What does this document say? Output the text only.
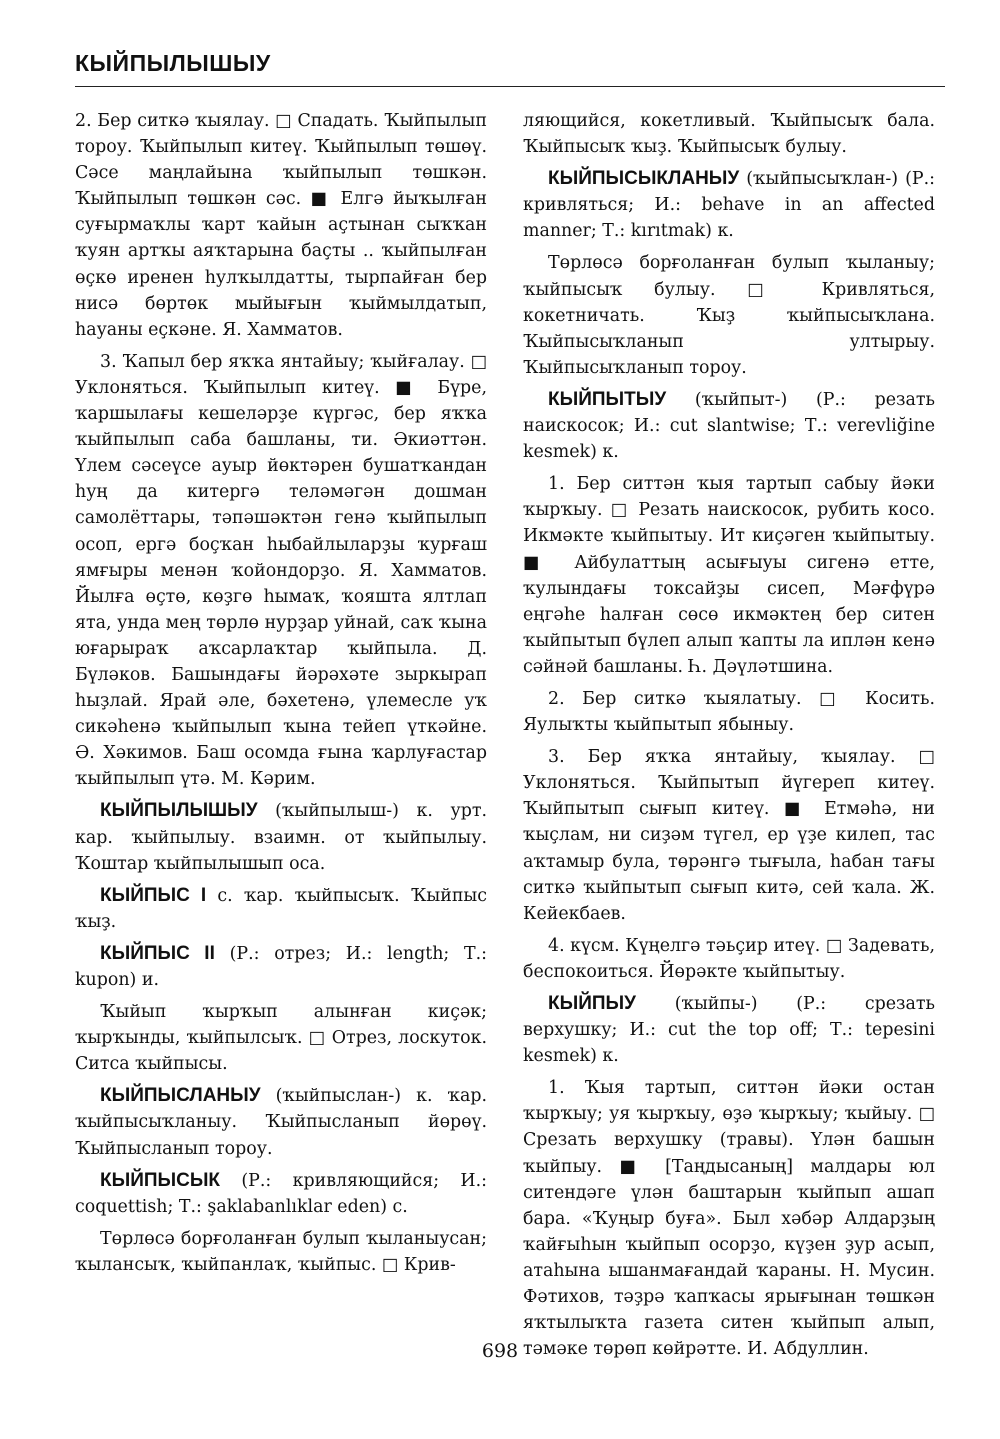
КЫЙПЫЛЫШЫУ

2. Бер ситкә ҡыялау. □ Спадать. Ҡыйпылып тороу. Ҡыйпылып китеү. Ҡыйпылып төшөү. Сәсе маңлайына ҡыйпылып төшкән. Ҡыйпылып төшкән сәс. ■ Елгә йыҡылған суғырмаҡлы ҡарт ҡайын аҫтынан сыҡҡан ҡуян артҡы аяҡтарына баҫты .. ҡыйпылған өҫкө иренен һулҡылдатты, тырпайған бер нисә бөртөк мыйығын ҡыймылдатып, һауаны еҫкәне. Я. Хамматов.

3. Ҡапыл бер яҡҡа янтайыу; ҡыйғалау. □ Уклоняться. Ҡыйпылып китеү. ■ Бүре, ҡаршылағы кешеләрҙе күргәс, бер яҡҡа ҡыйпылып саба башланы, ти. Әкиәттән. Үлем сәсеүсе ауыр йөктәрен бушатҡандан һуң да китергә теләмәгән дошман самолёттары, тәпәшәктән генә ҡыйпылып осоп, ергә боҫҡан һыбайлыларҙы ҡурғаш ямғыры менән ҡойондорҙо. Я. Хамматов. Йылға өҫтө, көҙгө һымаҡ, ҡояшта ялтлап ята, унда мең төрлө нурҙар уйнай, саҡ ҡына юғарыраҡ аҡсарлаҡтар ҡыйпыла. Д. Бүләков. Башындағы йәрәхәте зыркырап һыҙлай. Ярай әле, бәхетенә, үлемесле уҡ сикәһенә ҡыйпылып ҡына тейеп үткәйне. Ә. Хәкимов. Баш осомда ғына ҡарлуғастар ҡыйпылып үтә. М. Кәрим.

КЫЙПЫЛЫШЫУ (ҡыйпылыш-) к. урт. кар. ҡыйпылыу. взаимн. от ҡыйпылыу. Ҡоштар ҡыйпылышып оса.

КЫЙПЫС I с. ҡар. ҡыйпысыҡ. Ҡыйпыс ҡыҙ.

КЫЙПЫС II (Р.: отрез; И.: length; Т.: kupon) и.

Ҡыйып ҡырҡып алынған киҫәк; ҡырҡынды, ҡыйпылсыҡ. □ Отрез, лоскуток. Ситса ҡыйпысы.

КЫЙПЫСЛАНЫУ (ҡыйпыслан-) к. ҡар. ҡыйпысыҡланыу. Ҡыйпысланып йөрөү. Ҡыйпысланып тороу.

КЫЙПЫСЫК (Р.: кривляющийся; И.: coquettish; Т.: şaklabanlıklar eden) с.

Төрлөсә борғоланған булып ҡыланыусан; ҡылансыҡ, ҡыйпанлаҡ, ҡыйпыс. □ Крив-

ляющийся, кокетливый. Ҡыйпысыҡ бала. Ҡыйпысыҡ ҡыҙ. Ҡыйпысыҡ булыу.

КЫЙПЫСЫКЛАНЫУ (ҡыйпысыҡлан-) (Р.: кривляться; И.: behave in an affected manner; Т.: kırıtmak) к.

Төрлөсә борғоланған булып ҡыланыу; ҡыйпысыҡ булыу. □ Кривляться, кокетничать. Ҡыҙ ҡыйпысыҡлана. Ҡыйпысыҡланып ултырыу. Ҡыйпысыҡланып тороу.

КЫЙПЫТЫУ (ҡыйпыт-) (Р.: резать наискосок; И.: cut slantwise; Т.: verevliğine kesmek) к.

1. Бер ситтән ҡыя тартып сабыу йәки ҡырҡыу. □ Резать наискосок, рубить косо. Икмәкте ҡыйпытыу. Ит киҫәген ҡыйпытыу. ■ Айбулаттың асығыуы сигенә етте, ҡулындағы токсайҙы сисеп, Мәғфүрә еңгәһе һалған сөсө икмәктең бер ситен ҡыйпытып бүлеп алып ҡапты ла иплән кенә сәйнәй башланы. Һ. Дәүләтшина.

2. Бер ситкә ҡыялатыу. □ Косить. Яулыҡты ҡыйпытып ябыныу.

3. Бер яҡҡа янтайыу, ҡыялау. □ Уклоняться. Ҡыйпытып йүгереп китеү. Ҡыйпытып сығып китеү. ■ Етмәһә, ни ҡыҫлам, ни сиҙәм түгел, ер үҙе килеп, тас аҡтамыр була, төрәнгә тығыла, һабан тағы ситкә ҡыйпытып сығып китә, сей ҡала. Ж. Кейекбаев.

4. күсм. Күңелгә тәьҫир итеү. □ Задевать, беспокоиться. Йөрәкте ҡыйпытыу.

КЫЙПЫУ (ҡыйпы-) (Р.: срезать верхушку; И.: cut the top off; Т.: tepesini kesmek) к.

1. Ҡыя тартып, ситтән йәки остан ҡырҡыу; уя ҡырҡыу, өҙә ҡырҡыу; ҡыйыу. □ Срезать верхушку (травы). Үлән башын ҡыйпыу. ■ [Таңдысаның] малдары юл ситендәге үлән баштарын ҡыйпып ашап бара. «Ҡуңыр буға». Был хәбәр Алдарҙың ҡайғыһын ҡыйпып осорҙо, күҙен ҙур асып, атаһына ышанмағандай ҡараны. Н. Мусин. Фәтихов, тәҙрә ҡапҡасы ярығынан төшкән яҡтылыҡта газета ситен ҡыйпып алып, тәмәке төрөп көйрәтте. И. Абдуллин.

698
